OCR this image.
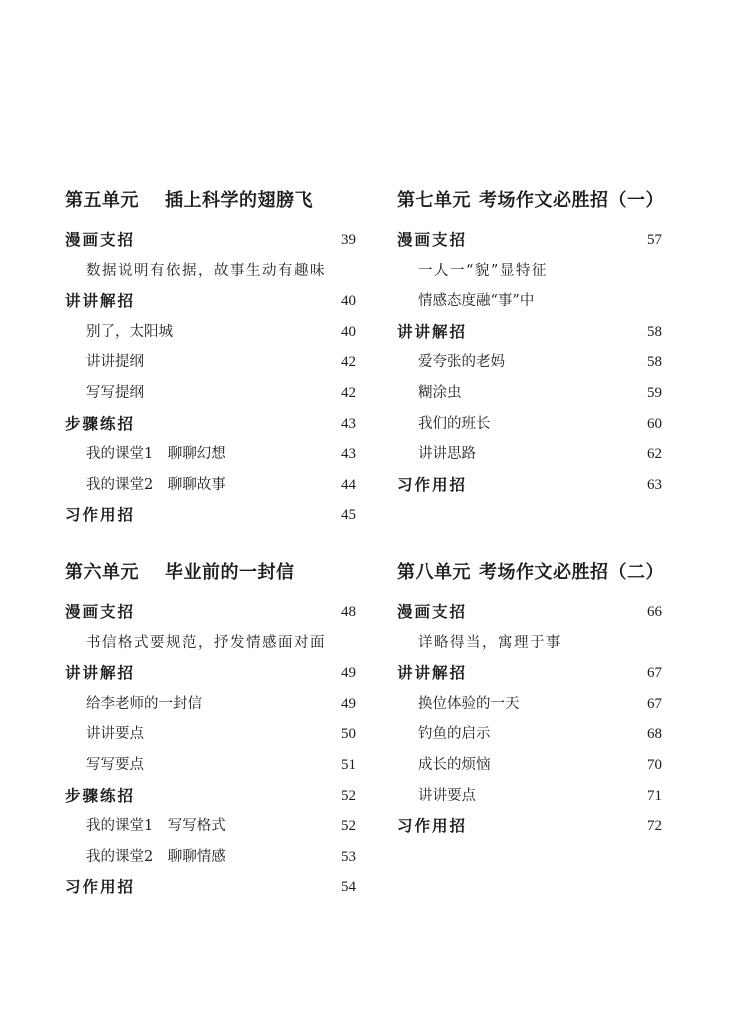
第五单元 插上科学的翅膀飞
漫画支招	39
数据说明有依据，故事生动有趣味
讲讲解招	40
别了，太阳城	40
讲讲提纲	42
写写提纲	42
步骤练招	43
我的课堂1　聊聊幻想	43
我的课堂2　聊聊故事	44
习作用招	45
第七单元 考场作文必胜招（一）
漫画支招	57
一人一“貌”显特征
情感态度融“事”中
讲讲解招	58
爱夸张的老妈	58
糊涂虫	59
我们的班长	60
讲讲思路	62
习作用招	63
第六单元 毕业前的一封信
漫画支招	48
书信格式要规范，抒发情感面对面
讲讲解招	49
给李老师的一封信	49
讲讲要点	50
写写要点	51
步骤练招	52
我的课堂1　写写格式	52
我的课堂2　聊聊情感	53
习作用招	54
第八单元 考场作文必胜招（二）
漫画支招	66
详略得当，寓理于事
讲讲解招	67
换位体验的一天	67
钓鱼的启示	68
成长的烦恼	70
讲讲要点	71
习作用招	72
